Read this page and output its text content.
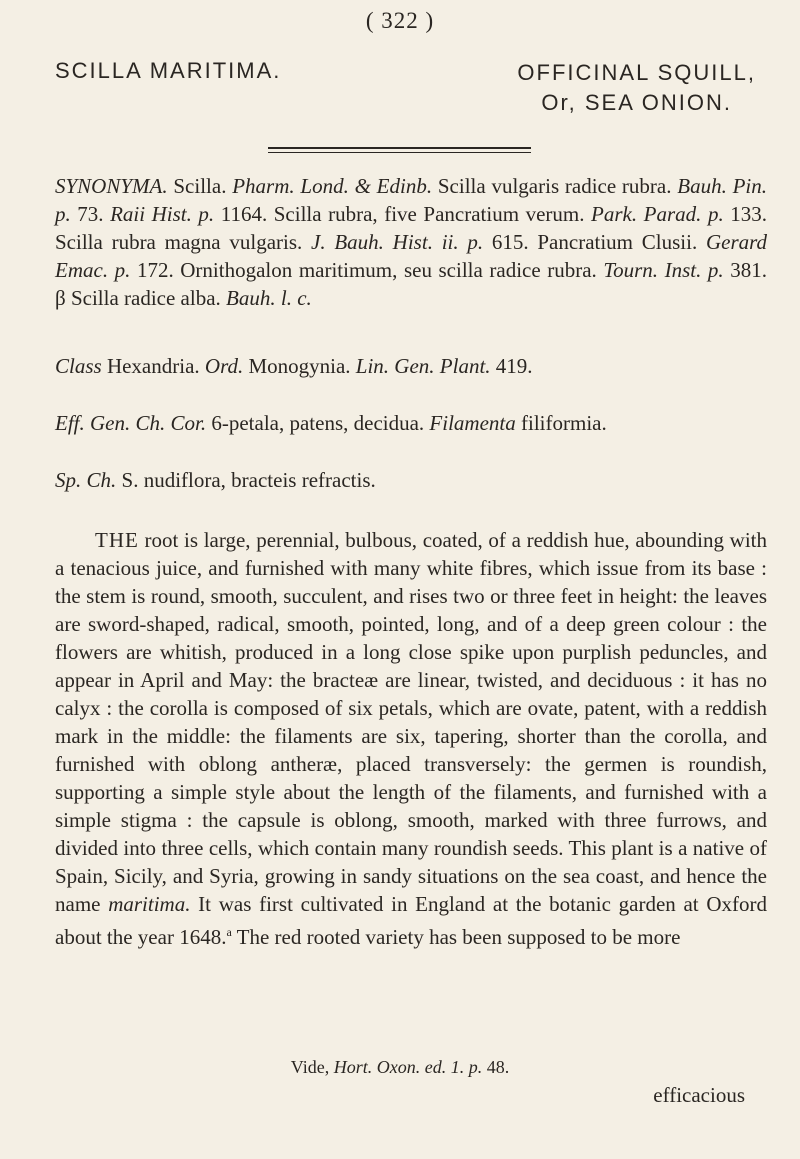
( 322 )
SCILLA MARITIMA.	OFFICINAL SQUILL,
Or, SEA ONION.
SYNONYMA. Scilla. Pharm. Lond. & Edinb. Scilla vulgaris radice rubra. Bauh. Pin. p. 73. Raii Hist. p. 1164. Scilla rubra, five Pancratium verum. Park. Parad. p. 133. Scilla rubra magna vulgaris. J. Bauh. Hist. ii. p. 615. Pancratium Clusii. Gerard Emac. p. 172. Ornithogalon maritimum, seu scilla radice rubra. Tourn. Inst. p. 381. β Scilla radice alba. Bauh. l. c.
Class Hexandria. Ord. Monogynia. Lin. Gen. Plant. 419.
Eff. Gen. Ch. Cor. 6-petala, patens, decidua. Filamenta filiformia.
Sp. Ch. S. nudiflora, bracteis refractis.
THE root is large, perennial, bulbous, coated, of a reddish hue, abounding with a tenacious juice, and furnished with many white fibres, which issue from its base : the stem is round, smooth, succulent, and rises two or three feet in height: the leaves are sword-shaped, radical, smooth, pointed, long, and of a deep green colour : the flowers are whitish, produced in a long close spike upon purplish peduncles, and appear in April and May: the bracteæ are linear, twisted, and deciduous : it has no calyx : the corolla is composed of six petals, which are ovate, patent, with a reddish mark in the middle: the filaments are six, tapering, shorter than the corolla, and furnished with oblong antheræ, placed transversely: the germen is roundish, supporting a simple style about the length of the filaments, and furnished with a simple stigma : the capsule is oblong, smooth, marked with three furrows, and divided into three cells, which contain many roundish seeds. This plant is a native of Spain, Sicily, and Syria, growing in sandy situations on the sea coast, and hence the name maritima. It was first cultivated in England at the botanic garden at Oxford about the year 1648.$^a$ The red rooted variety has been supposed to be more
Vide, Hort. Oxon. ed. 1. p. 48.
efficacious
